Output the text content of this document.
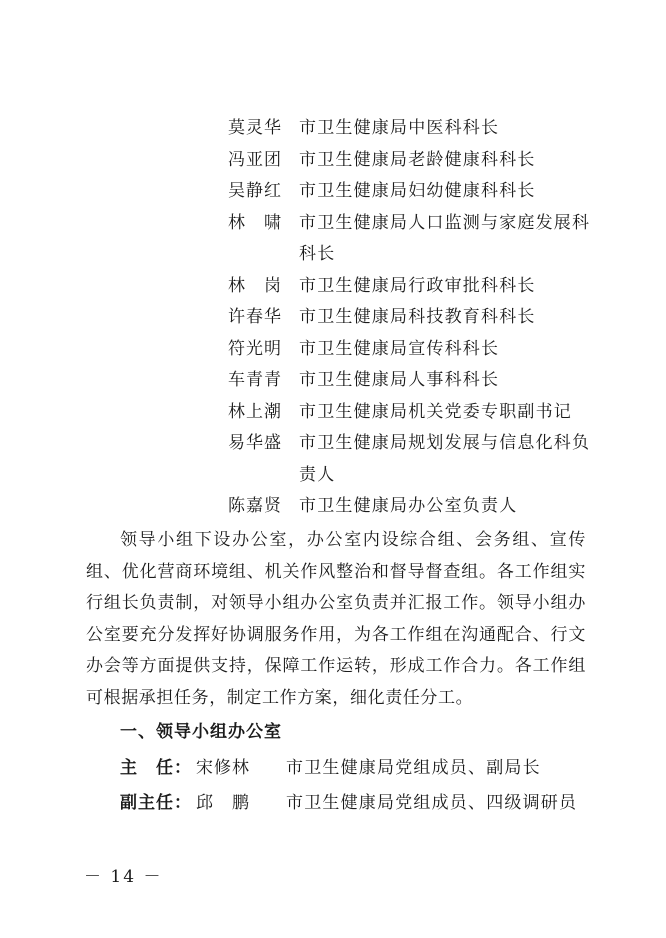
莫灵华	市卫生健康局中医科科长
冯亚团	市卫生健康局老龄健康科科长
吴静红	市卫生健康局妇幼健康科科长
林　啸	市卫生健康局人口监测与家庭发展科科长
林　岗	市卫生健康局行政审批科科长
许春华	市卫生健康局科技教育科科长
符光明	市卫生健康局宣传科科长
车青青	市卫生健康局人事科科长
林上潮	市卫生健康局机关党委专职副书记
易华盛	市卫生健康局规划发展与信息化科负责人
陈嘉贤	市卫生健康局办公室负责人

领导小组下设办公室，办公室内设综合组、会务组、宣传组、优化营商环境组、机关作风整治和督导督查组。各工作组实行组长负责制，对领导小组办公室负责并汇报工作。领导小组办公室要充分发挥好协调服务作用，为各工作组在沟通配合、行文办会等方面提供支持，保障工作运转，形成工作合力。各工作组可根据承担任务，制定工作方案，细化责任分工。

一、领导小组办公室
主　任： 宋修林	市卫生健康局党组成员、副局长
副主任： 邱　鹏	市卫生健康局党组成员、四级调研员
－ 14 －
